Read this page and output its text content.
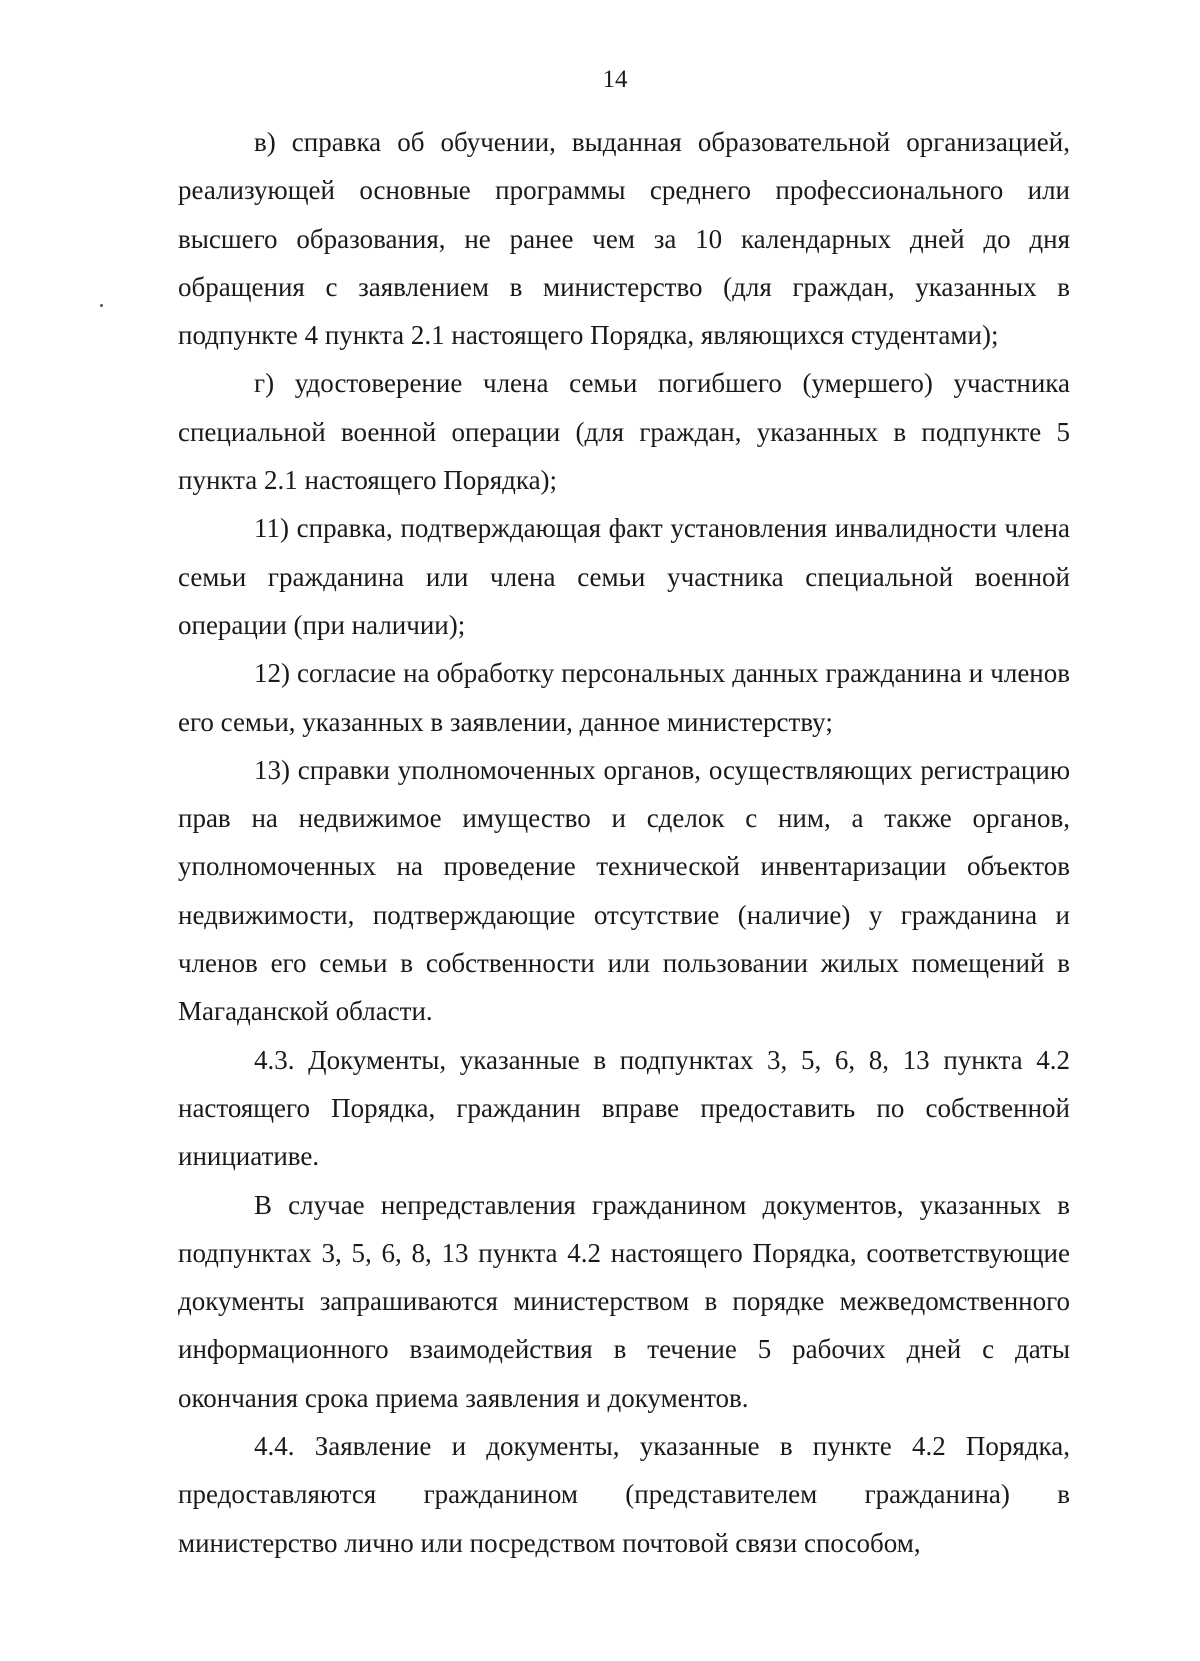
14

в) справка об обучении, выданная образовательной организацией, реализующей основные программы среднего профессионального или высшего образования, не ранее чем за 10 календарных дней до дня обращения с заявлением в министерство (для граждан, указанных в подпункте 4 пункта 2.1 настоящего Порядка, являющихся студентами);

г) удостоверение члена семьи погибшего (умершего) участника специальной военной операции (для граждан, указанных в подпункте 5 пункта 2.1 настоящего Порядка);

11) справка, подтверждающая факт установления инвалидности члена семьи гражданина или члена семьи участника специальной военной операции (при наличии);

12) согласие на обработку персональных данных гражданина и членов его семьи, указанных в заявлении, данное министерству;

13) справки уполномоченных органов, осуществляющих регистрацию прав на недвижимое имущество и сделок с ним, а также органов, уполномоченных на проведение технической инвентаризации объектов недвижимости, подтверждающие отсутствие (наличие) у гражданина и членов его семьи в собственности или пользовании жилых помещений в Магаданской области.

4.3. Документы, указанные в подпунктах 3, 5, 6, 8, 13 пункта 4.2 настоящего Порядка, гражданин вправе предоставить по собственной инициативе.

В случае непредставления гражданином документов, указанных в подпунктах 3, 5, 6, 8, 13 пункта 4.2 настоящего Порядка, соответствующие документы запрашиваются министерством в порядке межведомственного информационного взаимодействия в течение 5 рабочих дней с даты окончания срока приема заявления и документов.

4.4. Заявление и документы, указанные в пункте 4.2 Порядка, предоставляются гражданином (представителем гражданина) в министерство лично или посредством почтовой связи способом,
